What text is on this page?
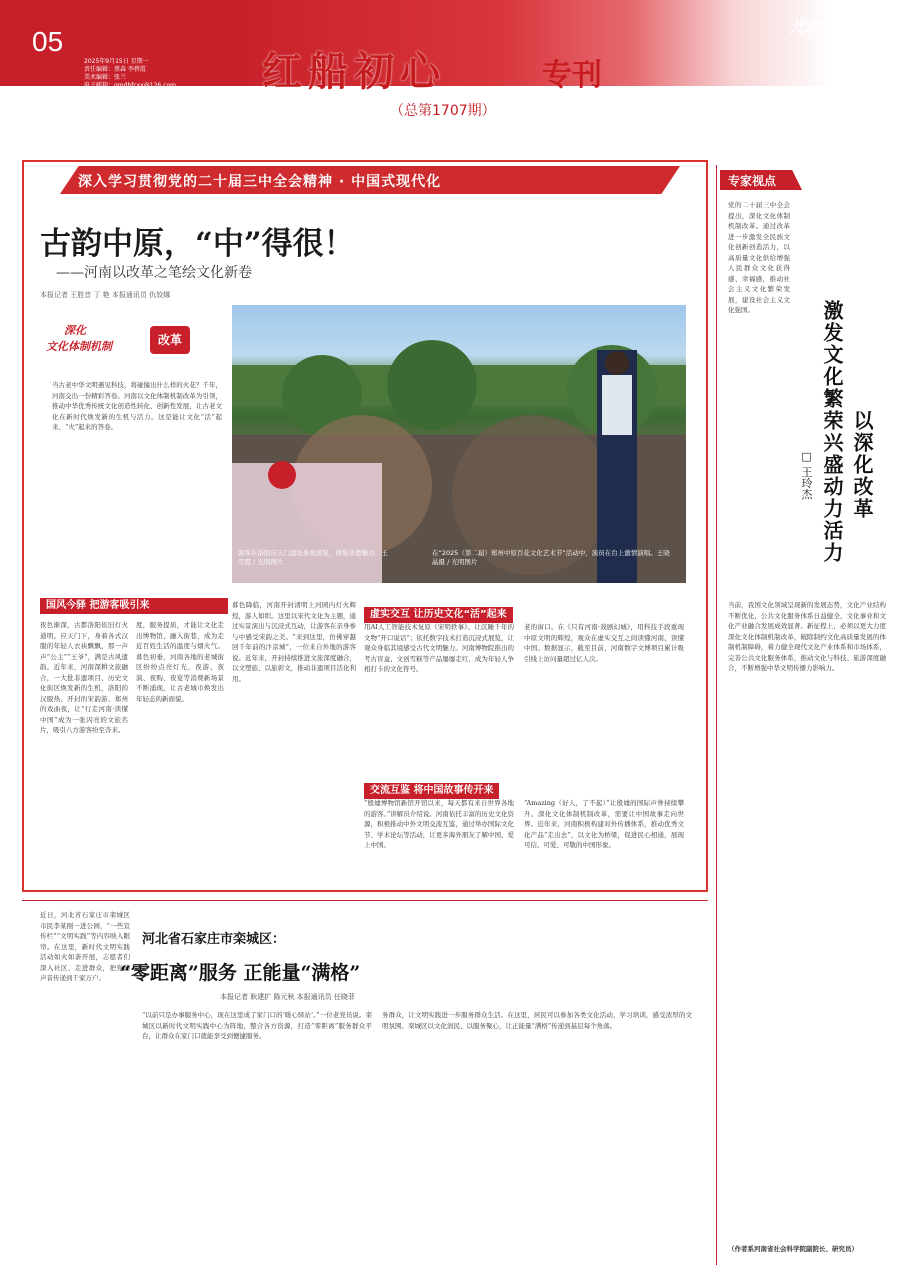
05
2025年9月15日 星期一
责任编辑：蔡森 李碧霞
美术编辑：张兰
电子邮箱：gmdbfcxx@126.com 红船初心	专刊
光明日报
（总第1707期）
深入学习贯彻党的二十届三中全会精神 · 中国式现代化
古韵中原，“中”得很！
——河南以改革之笔绘文化新卷
本报记者 王胜昔 丁 艳 本报通讯员 仇姣娜
深化
文化体制机制	改革
当古老中华文明遇见科技，将碰撞出什么样的火花？千年，河南交出一份精彩答卷。河南以文化体制机制改革为引领，推动中华优秀传统文化创造性转化、创新性发展，让古老文化在新时代焕发新的生机与活力。这是能让文化“活”起来、“火”起来的答卷。
游客在洛阳应天门遗址参观游览，体验非遗魅力。王雪霞 / 光明图片
在“2025（第二届）郑州中原百花文化艺术节”活动中，演员在台上激情演唱。王晓晶摄 / 光明图片
国风今驿 把游客吸引来
夜色渐深，古都洛阳依旧灯火通明。应天门下，身着各式汉服的年轻人衣袂飘飘，那一声声“公主”“王爷”，满是古风遗韵。近年来，河南深耕文旅融合，一大批非遗项目、历史文化街区焕发新的生机，洛阳的汉服热、开封的宋韵游、郑州的戏曲夜，让“行走河南·读懂中国”成为一张闪亮的文旅名片，吸引八方游客纷至沓来。
度，服务提质，才能让文化走出博物馆、融入街巷，成为走近百姓生活的温度与烟火气。暮色初垂，河南各地的老城街区纷纷点亮灯光，夜游、夜演、夜购、夜宴等消费新场景不断涌现，让古老城市焕发出年轻态的新面貌。
暮色降临，河南开封清明上河园内灯火辉煌，游人如织。这里以宋代文化为主题，通过实景演出与沉浸式互动，让游客在亲身参与中感受宋韵之美。“来到这里，仿佛穿越回千年前的汴京城”，一位来自外地的游客说。近年来，开封持续推进文旅深度融合，以文塑旅、以旅彰文，推动非遗项目活化利用。
虚实交互 让历史文化“活”起来
用AI人工智能技术复原《宋明轶事》、让沉睡千年的文物“开口说话”；依托数字技术打造沉浸式展览，让观众身临其境感受古代文明魅力。河南博物院推出的考古盲盒、文创雪糕等产品屡屡走红，成为年轻人争相打卡的文化符号。
老的窗口。在《只有河南·戏剧幻城》，用科技手段重现中原文明的辉煌，观众在虚实交互之间读懂河南、读懂中国。数据显示，截至目前，河南数字文博项目累计吸引线上访问量超过亿人次。
交流互鉴 将中国故事传开来
“殷墟博物馆新馆开馆以来，每天都有来自世界各地的游客。”讲解员介绍说。河南依托丰富的历史文化资源，积极推动中外文明交流互鉴，通过举办国际文化节、学术论坛等活动，让更多海外朋友了解中国、爱上中国。
“Amazing（好人，了不起）”让殷墟的国际声誉持续攀升。深化文化体制机制改革，需要让中国故事走向世界。近年来，河南积极构建对外传播体系，推动优秀文化产品“走出去”，以文化为桥梁，促进民心相通，展现可信、可爱、可敬的中国形象。
专家视点
以深化改革
激发文化繁荣兴盛动力活力
□ 王玲杰
党的二十届三中全会提出，深化文化体制机制改革。通过改革进一步激发全民族文化创新创造活力，以高质量文化供给增强人民群众文化获得感、幸福感，推动社会主义文化繁荣发展，建设社会主义文化强国。
当前，我国文化领域呈现新的发展态势，文化产业结构不断优化，公共文化服务体系日益健全，文化事业和文化产业融合发展成效显著。新征程上，必须以更大力度深化文化体制机制改革，破除制约文化高质量发展的体制机制障碍，着力健全现代文化产业体系和市场体系，完善公共文化服务体系，推动文化与科技、旅游深度融合，不断增强中华文明传播力影响力。
（作者系河南省社会科学院副院长、研究员）
近日，河北省石家庄市栾城区市民李某刚一进公园，“一些宣传栏”“文明实践”等内容映入眼帘。在这里，新时代文明实践活动如火如荼开展，志愿者们深入社区、走进群众，把党的声音传递到千家万户。
河北省石家庄市栾城区：
“零距离”服务 正能量“满格”
本报记者 耿建扩 陈元秋 本报通讯员 任晓菲
“以前只是办事服务中心，现在这里成了家门口的‘暖心驿站’。”一位老党员说。栾城区以新时代文明实践中心为阵地，整合各方资源，打造“零距离”服务群众平台，让群众在家门口就能享受到便捷服务。
务群众，让文明实践进一步服务群众生活。在这里，居民可以参加各类文化活动、学习培训，感受浓厚的文明氛围。栾城区以文化润民、以服务聚心，让正能量“满格”传递到基层每个角落。
